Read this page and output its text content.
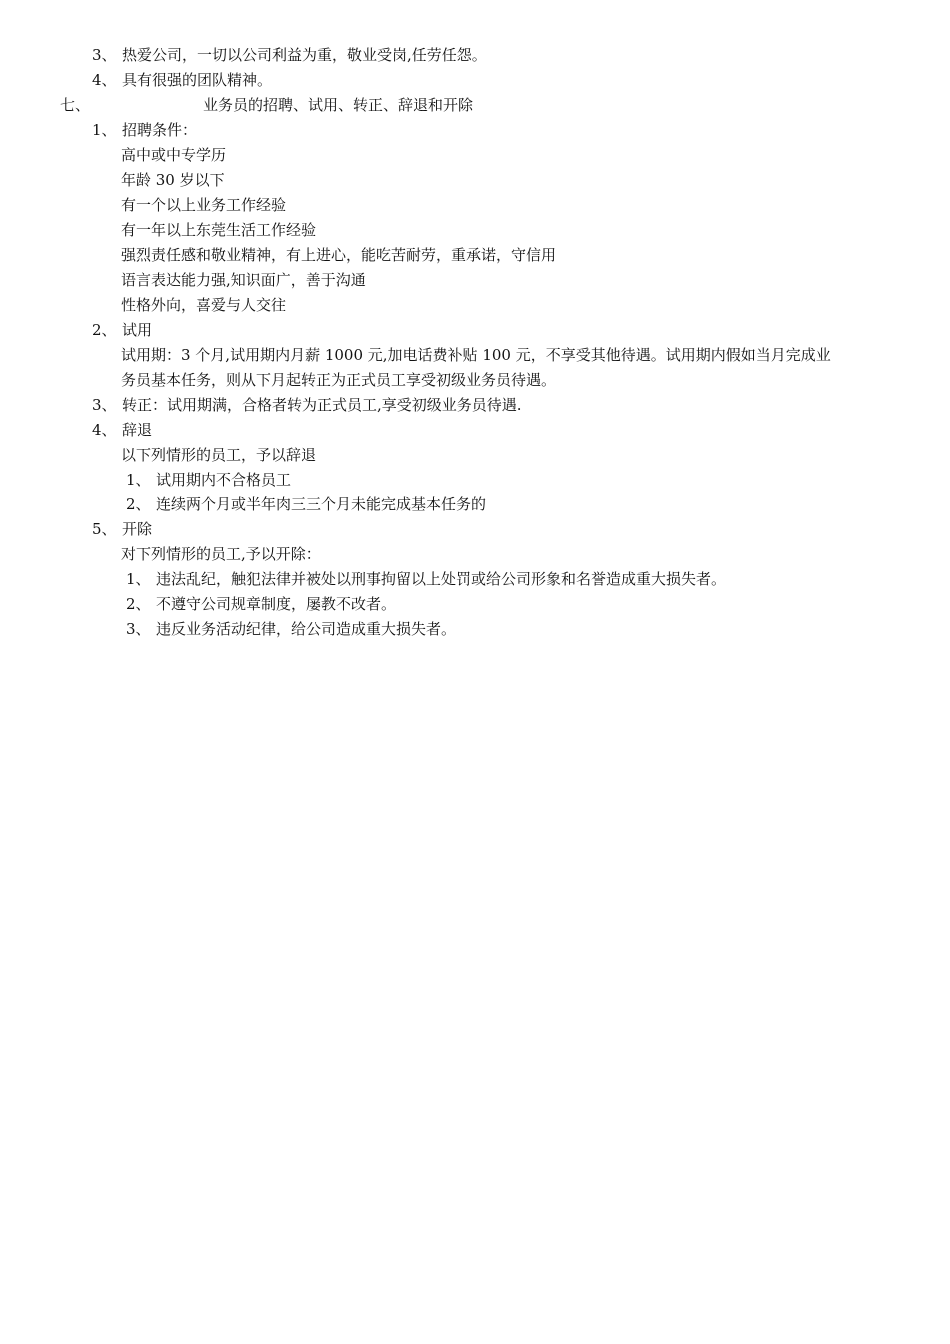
3、 热爱公司，一切以公司利益为重，敬业受岗,任劳任怨。
4、 具有很强的团队精神。
七、	业务员的招聘、试用、转正、辞退和开除
1、 招聘条件：
高中或中专学历
年龄 30 岁以下
有一个以上业务工作经验
有一年以上东莞生活工作经验
强烈责任感和敬业精神，有上进心，能吃苦耐劳，重承诺，守信用
语言表达能力强,知识面广，善于沟通
性格外向，喜爱与人交往
2、 试用
试用期：3 个月,试用期内月薪 1000 元,加电话费补贴 100 元，不享受其他待遇。试用期内假如当月完成业
务员基本任务，则从下月起转正为正式员工享受初级业务员待遇。
3、 转正：试用期满，合格者转为正式员工,享受初级业务员待遇.
4、 辞退
以下列情形的员工，予以辞退
1、 试用期内不合格员工
2、 连续两个月或半年肉三三个月未能完成基本任务的
5、 开除
对下列情形的员工,予以开除：
1、 违法乱纪，触犯法律并被处以刑事拘留以上处罚或给公司形象和名誉造成重大损失者。
2、 不遵守公司规章制度，屡教不改者。
3、 违反业务活动纪律，给公司造成重大损失者。
